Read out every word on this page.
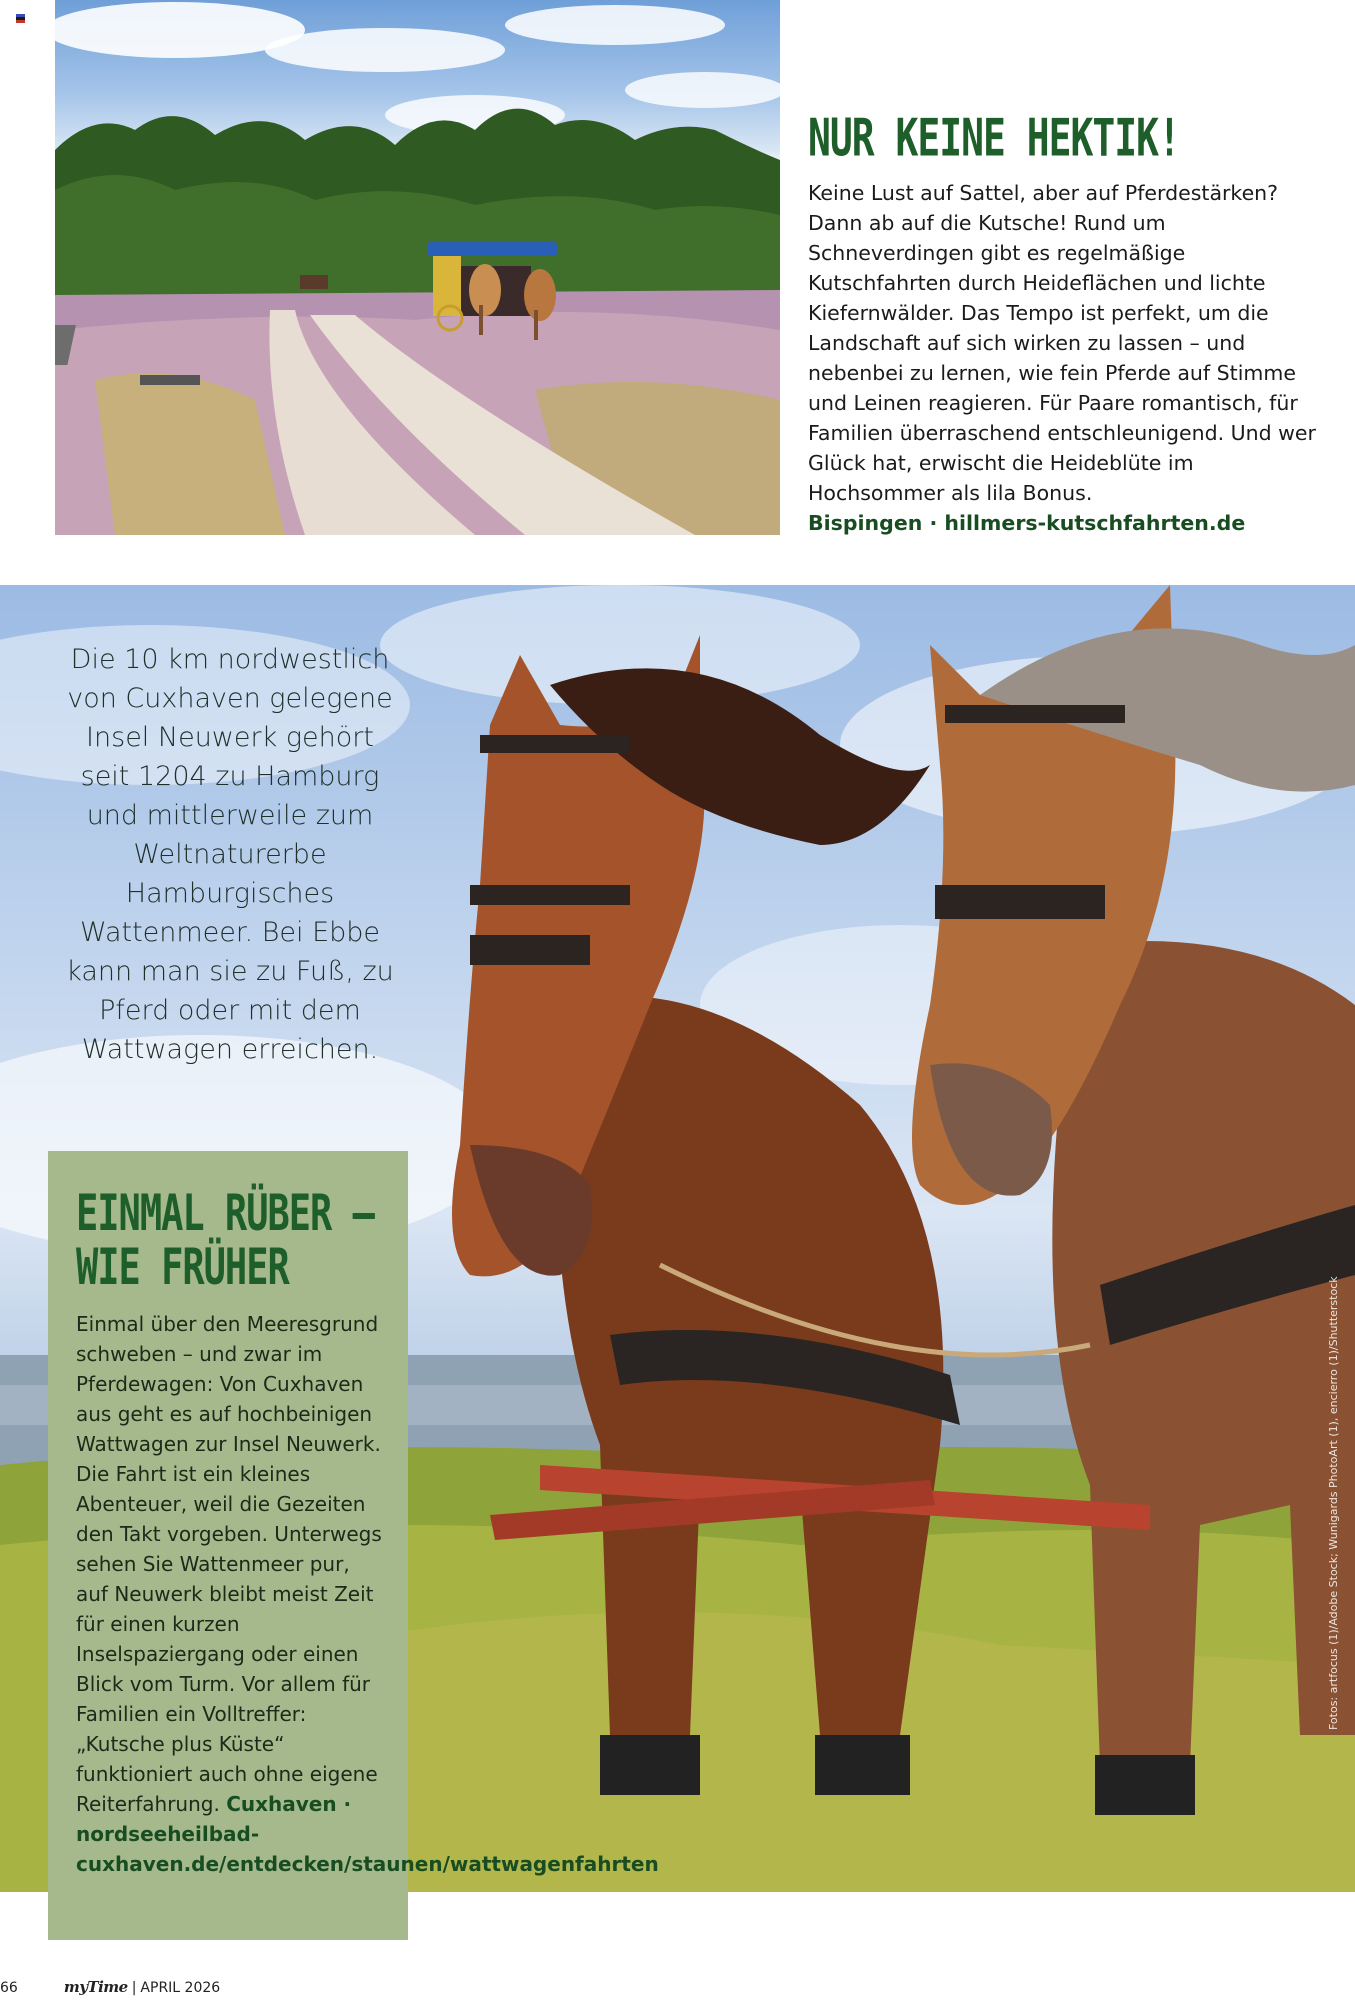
NUR KEINE HEKTIK!

Keine Lust auf Sattel, aber auf Pferdestärken? Dann ab auf die Kutsche! Rund um Schneverdingen gibt es regelmäßige Kutschfahrten durch Heideflächen und lichte Kiefernwälder. Das Tempo ist perfekt, um die Landschaft auf sich wirken zu lassen – und nebenbei zu lernen, wie fein Pferde auf Stimme und Leinen reagieren. Für Paare romantisch, für Familien überraschend entschleunigend. Und wer Glück hat, erwischt die Heideblüte im Hochsommer als lila Bonus.
Bispingen · hillmers-kutschfahrten.de

Die 10 km nordwestlich von Cuxhaven gelegene Insel Neuwerk gehört seit 1204 zu Hamburg und mittlerweile zum Weltnaturerbe Hamburgisches Wattenmeer. Bei Ebbe kann man sie zu Fuß, zu Pferd oder mit dem Wattwagen erreichen.

Fotos: artfocus (1)/Adobe Stock; Wunigards PhotoArt (1), encierro (1)/Shutterstock
EINMAL RÜBER –
WIE FRÜHER

Einmal über den Meeresgrund schweben – und zwar im Pferdewagen: Von Cuxhaven aus geht es auf hochbeinigen Wattwagen zur Insel Neuwerk. Die Fahrt ist ein kleines Abenteuer, weil die Gezeiten den Takt vorgeben. Unterwegs sehen Sie Wattenmeer pur, auf Neuwerk bleibt meist Zeit für einen kurzen Inselspaziergang oder einen Blick vom Turm. Vor allem für Familien ein Volltreffer: „Kutsche plus Küste“ funktioniert auch ohne eigene Reiterfahrung. Cuxhaven · nordseeheilbad-cuxhaven.de/entdecken/staunen/wattwagenfahrten

66	myTime | APRIL 2026
